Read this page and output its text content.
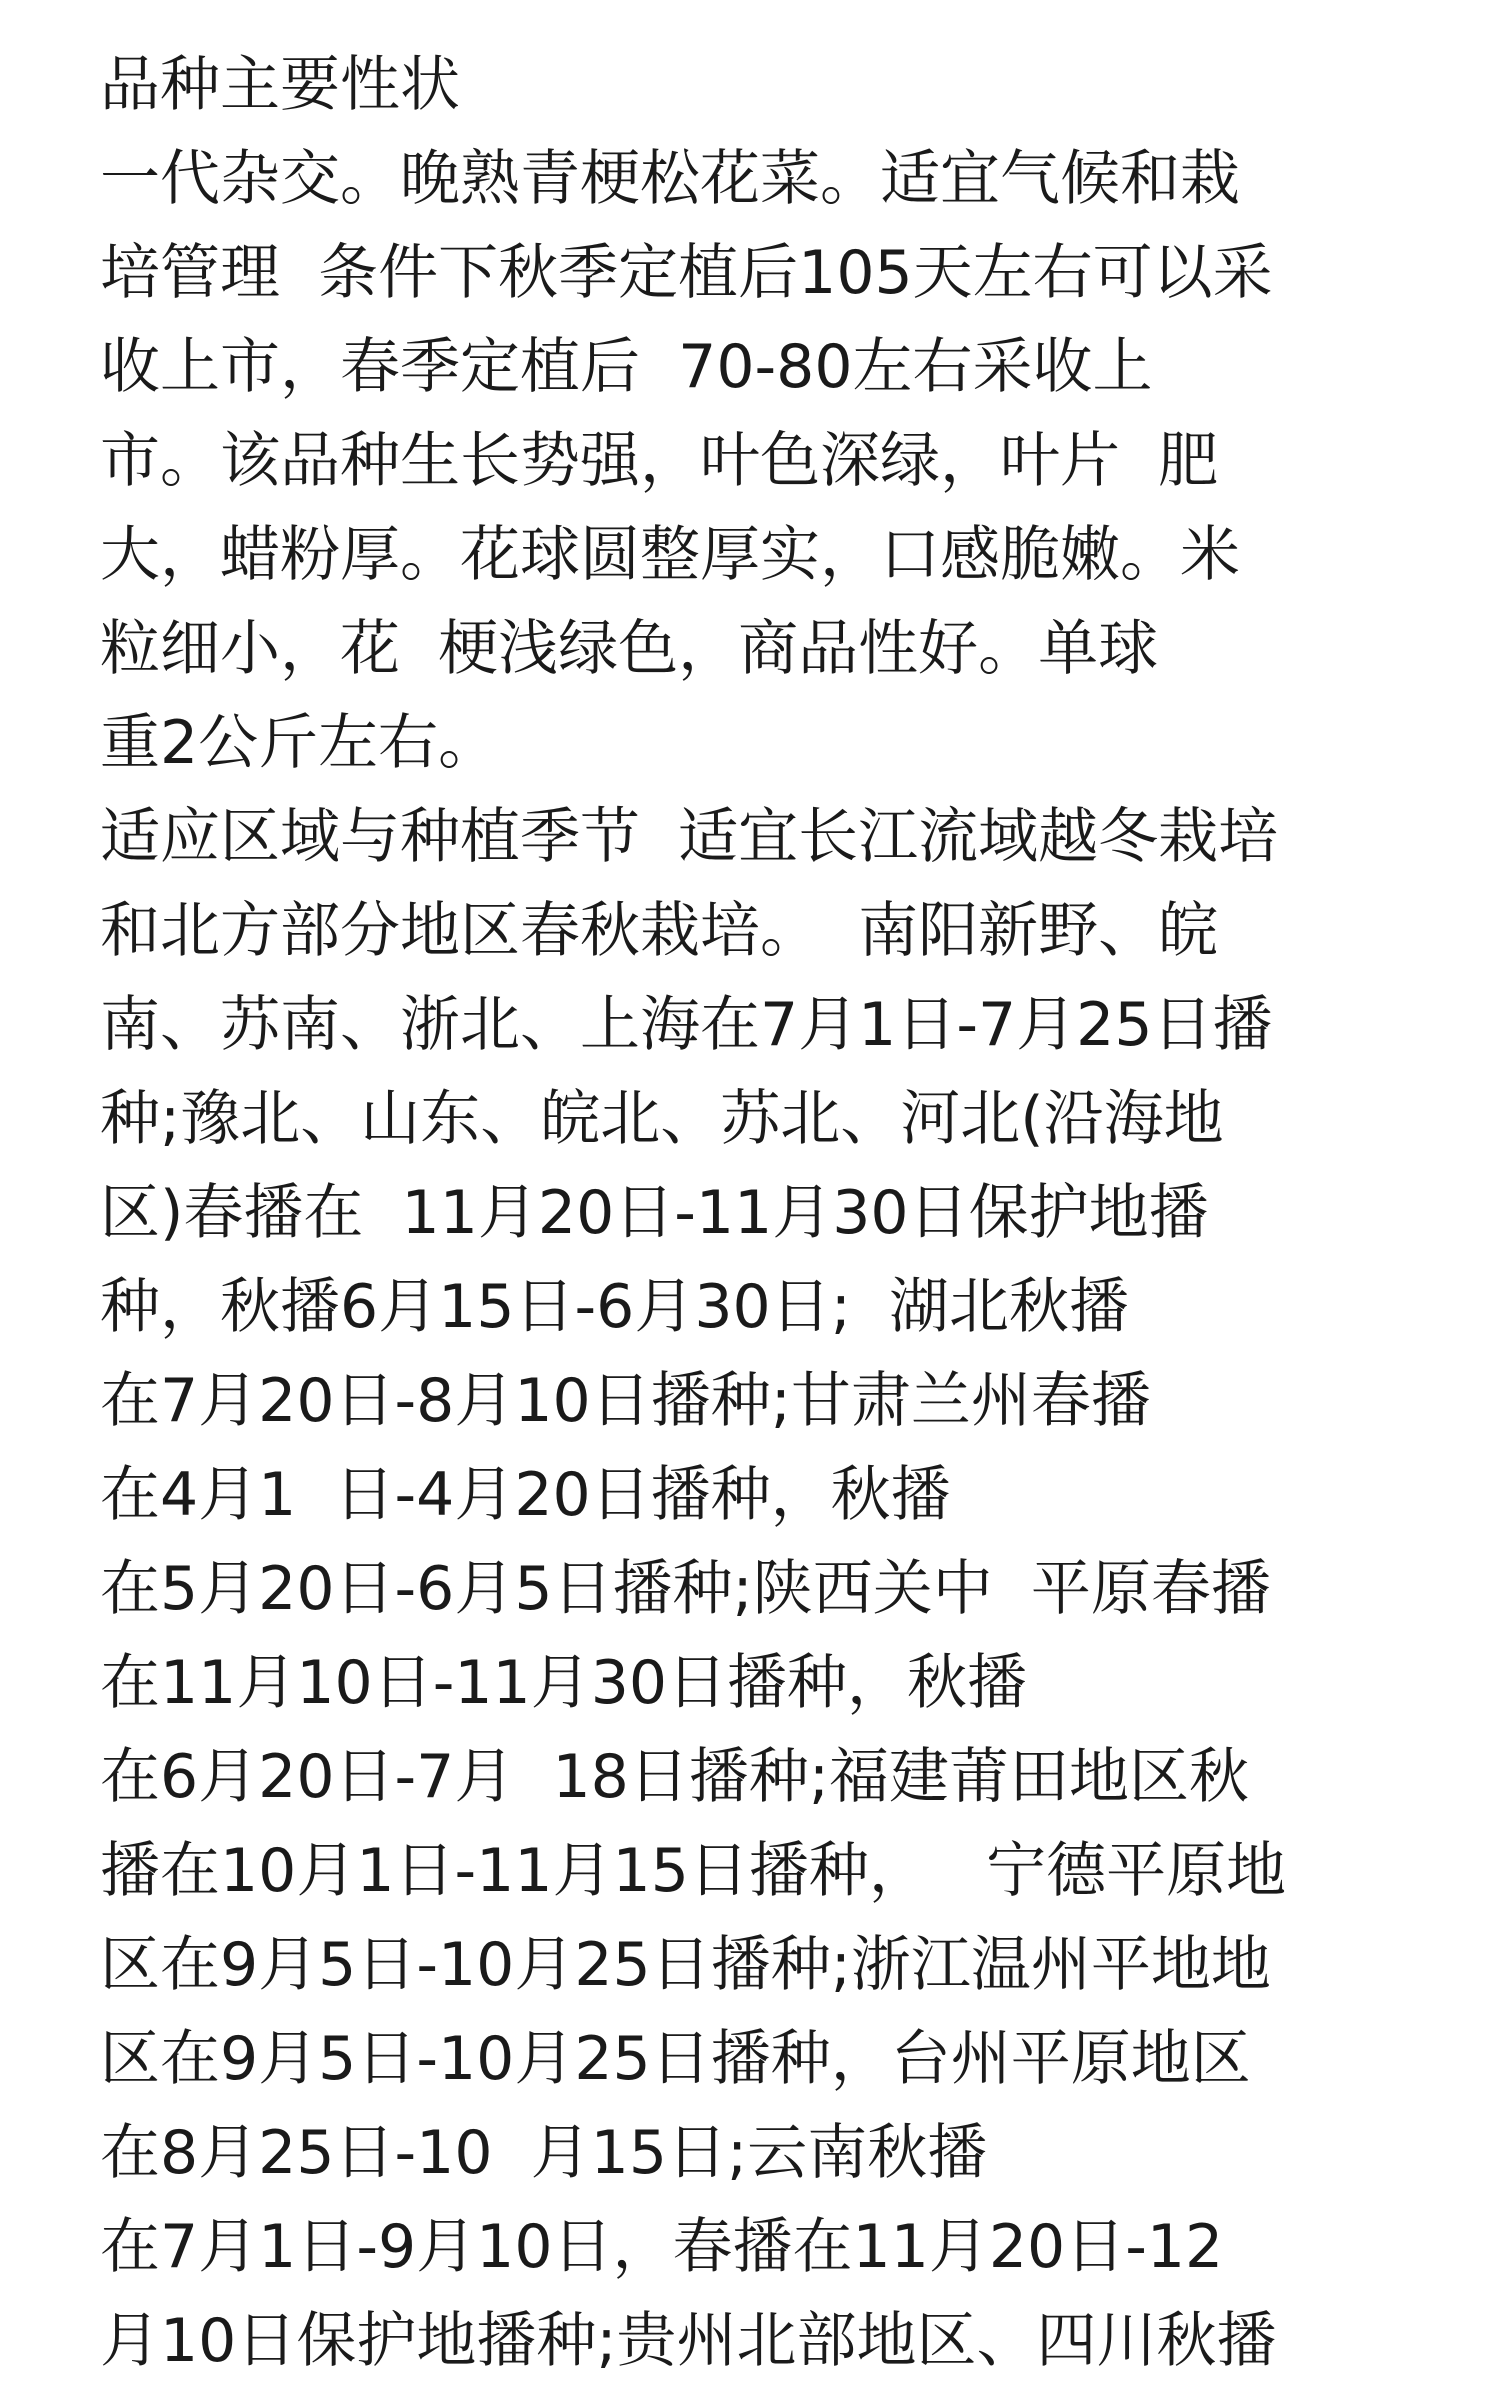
品种主要性状
一代杂交。晚熟青梗松花菜。适宜气候和栽
培管理  条件下秋季定植后105天左右可以采
收上市，春季定植后  70-80左右采收上
市。该品种生长势强，叶色深绿，叶片  肥
大，蜡粉厚。花球圆整厚实，口感脆嫩。米
粒细小，花  梗浅绿色，商品性好。单球
重2公斤左右。
适应区域与种植季节  适宜长江流域越冬栽培
和北方部分地区春秋栽培。  南阳新野、皖
南、苏南、浙北、上海在7月1日-7月25日播
种;豫北、山东、皖北、苏北、河北(沿海地
区)春播在  11月20日-11月30日保护地播
种，秋播6月15日-6月30日;  湖北秋播
在7月20日-8月10日播种;甘肃兰州春播
在4月1  日-4月20日播种，秋播
在5月20日-6月5日播种;陕西关中  平原春播
在11月10日-11月30日播种，秋播
在6月20日-7月  18日播种;福建莆田地区秋
播在10月1日-11月15日播种，   宁德平原地
区在9月5日-10月25日播种;浙江温州平地地
区在9月5日-10月25日播种，台州平原地区
在8月25日-10  月15日;云南秋播
在7月1日-9月10日，春播在11月20日-12
月10日保护地播种;贵州北部地区、四川秋播
